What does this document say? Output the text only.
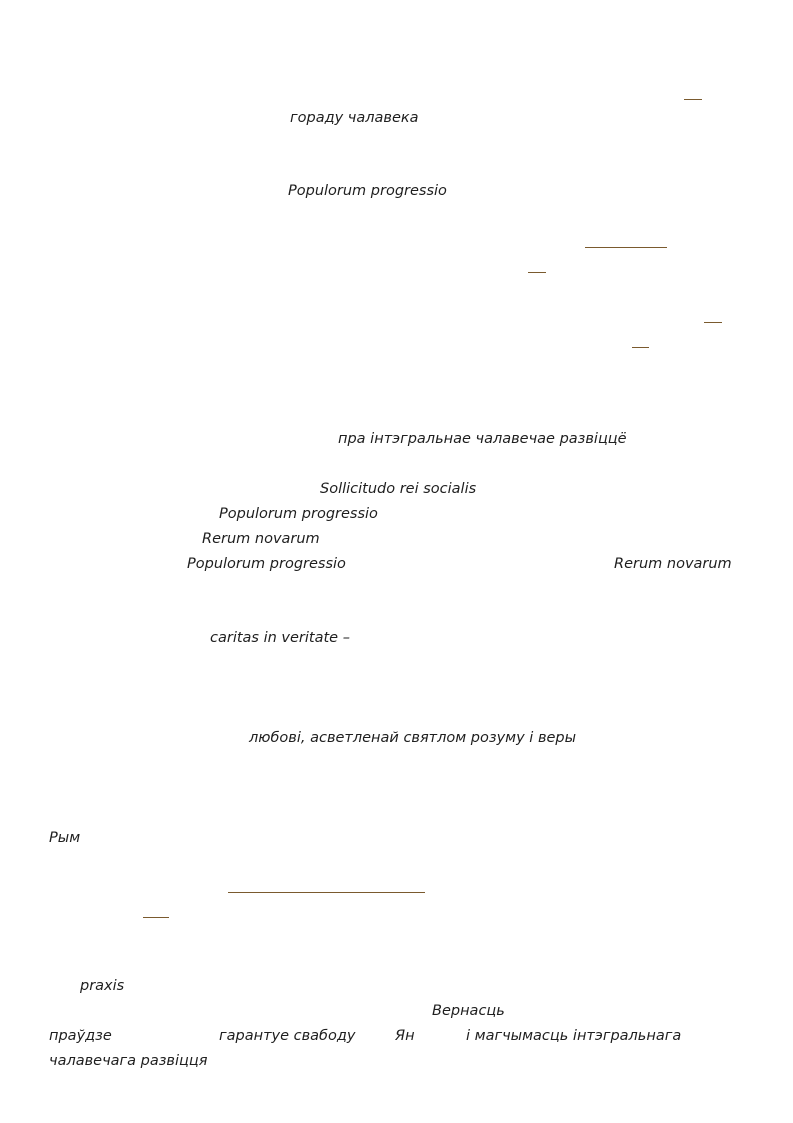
гораду чалавека
Populorum progressio
пра інтэгральнае чалавечае развіццё
Sollicitudo rei socialis
Populorum progressio
Rerum novarum
Populorum progressio	Rerum novarum
caritas in veritate –
любові, асветленай святлом розуму і веры
Рым
praxis
Вернасць
праўдзе	гарантуе свабоду	Ян	і магчымасць інтэгральнага
чалавечага развіцця
